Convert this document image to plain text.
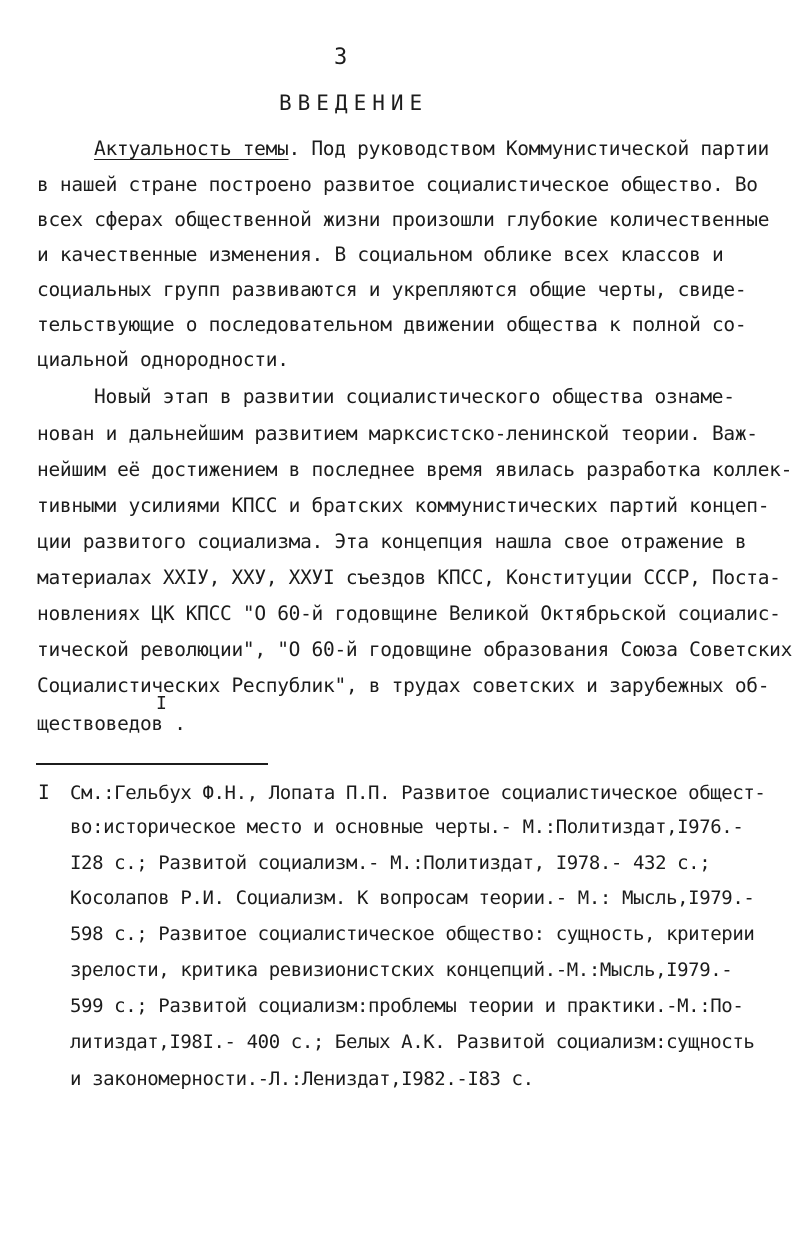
3
ВВЕДЕНИЕ
Актуальность темы. Под руководством Коммунистической партии
в нашей стране построено развитое социалистическое общество. Во
всех сферах общественной жизни произошли глубокие количественные
и качественные изменения. В социальном облике всех классов и
социальных групп развиваются и укрепляются общие черты, свиде-
тельствующие о последовательном движении общества к полной со-
циальной однородности.
Новый этап в развитии социалистического общества ознаме-
нован и дальнейшим развитием марксистско-ленинской теории. Важ-
нейшим её достижением в последнее время явилась разработка коллек-
тивными усилиями КПСС и братских коммунистических партий концеп-
ции развитого социализма. Эта концепция нашла свое отражение в
материалах XXIУ, XXУ, XXУI съездов КПСС, Конституции СССР, Поста-
новлениях ЦК КПСС "О 60-й годовщине Великой Октябрьской социалис-
тической революции", "О 60-й годовщине образования Союза Советских
Социалистических Республик", в трудах советских и зарубежных об-
I
ществоведов .
I См.:Гельбух Ф.Н., Лопата П.П. Развитое социалистическое общест-
во:историческое место и основные черты.- М.:Политиздат,I976.-
I28 с.; Развитой социализм.- М.:Политиздат, I978.- 432 с.;
Косолапов Р.И. Социализм. К вопросам теории.- М.: Мысль,I979.-
598 с.; Развитое социалистическое общество: сущность, критерии
зрелости, критика ревизионистских концепций.-М.:Мысль,I979.-
599 с.; Развитой социализм:проблемы теории и практики.-М.:По-
литиздат,I98I.- 400 с.; Белых А.К. Развитой социализм:сущность
и закономерности.-Л.:Лениздат,I982.-I83 с.
